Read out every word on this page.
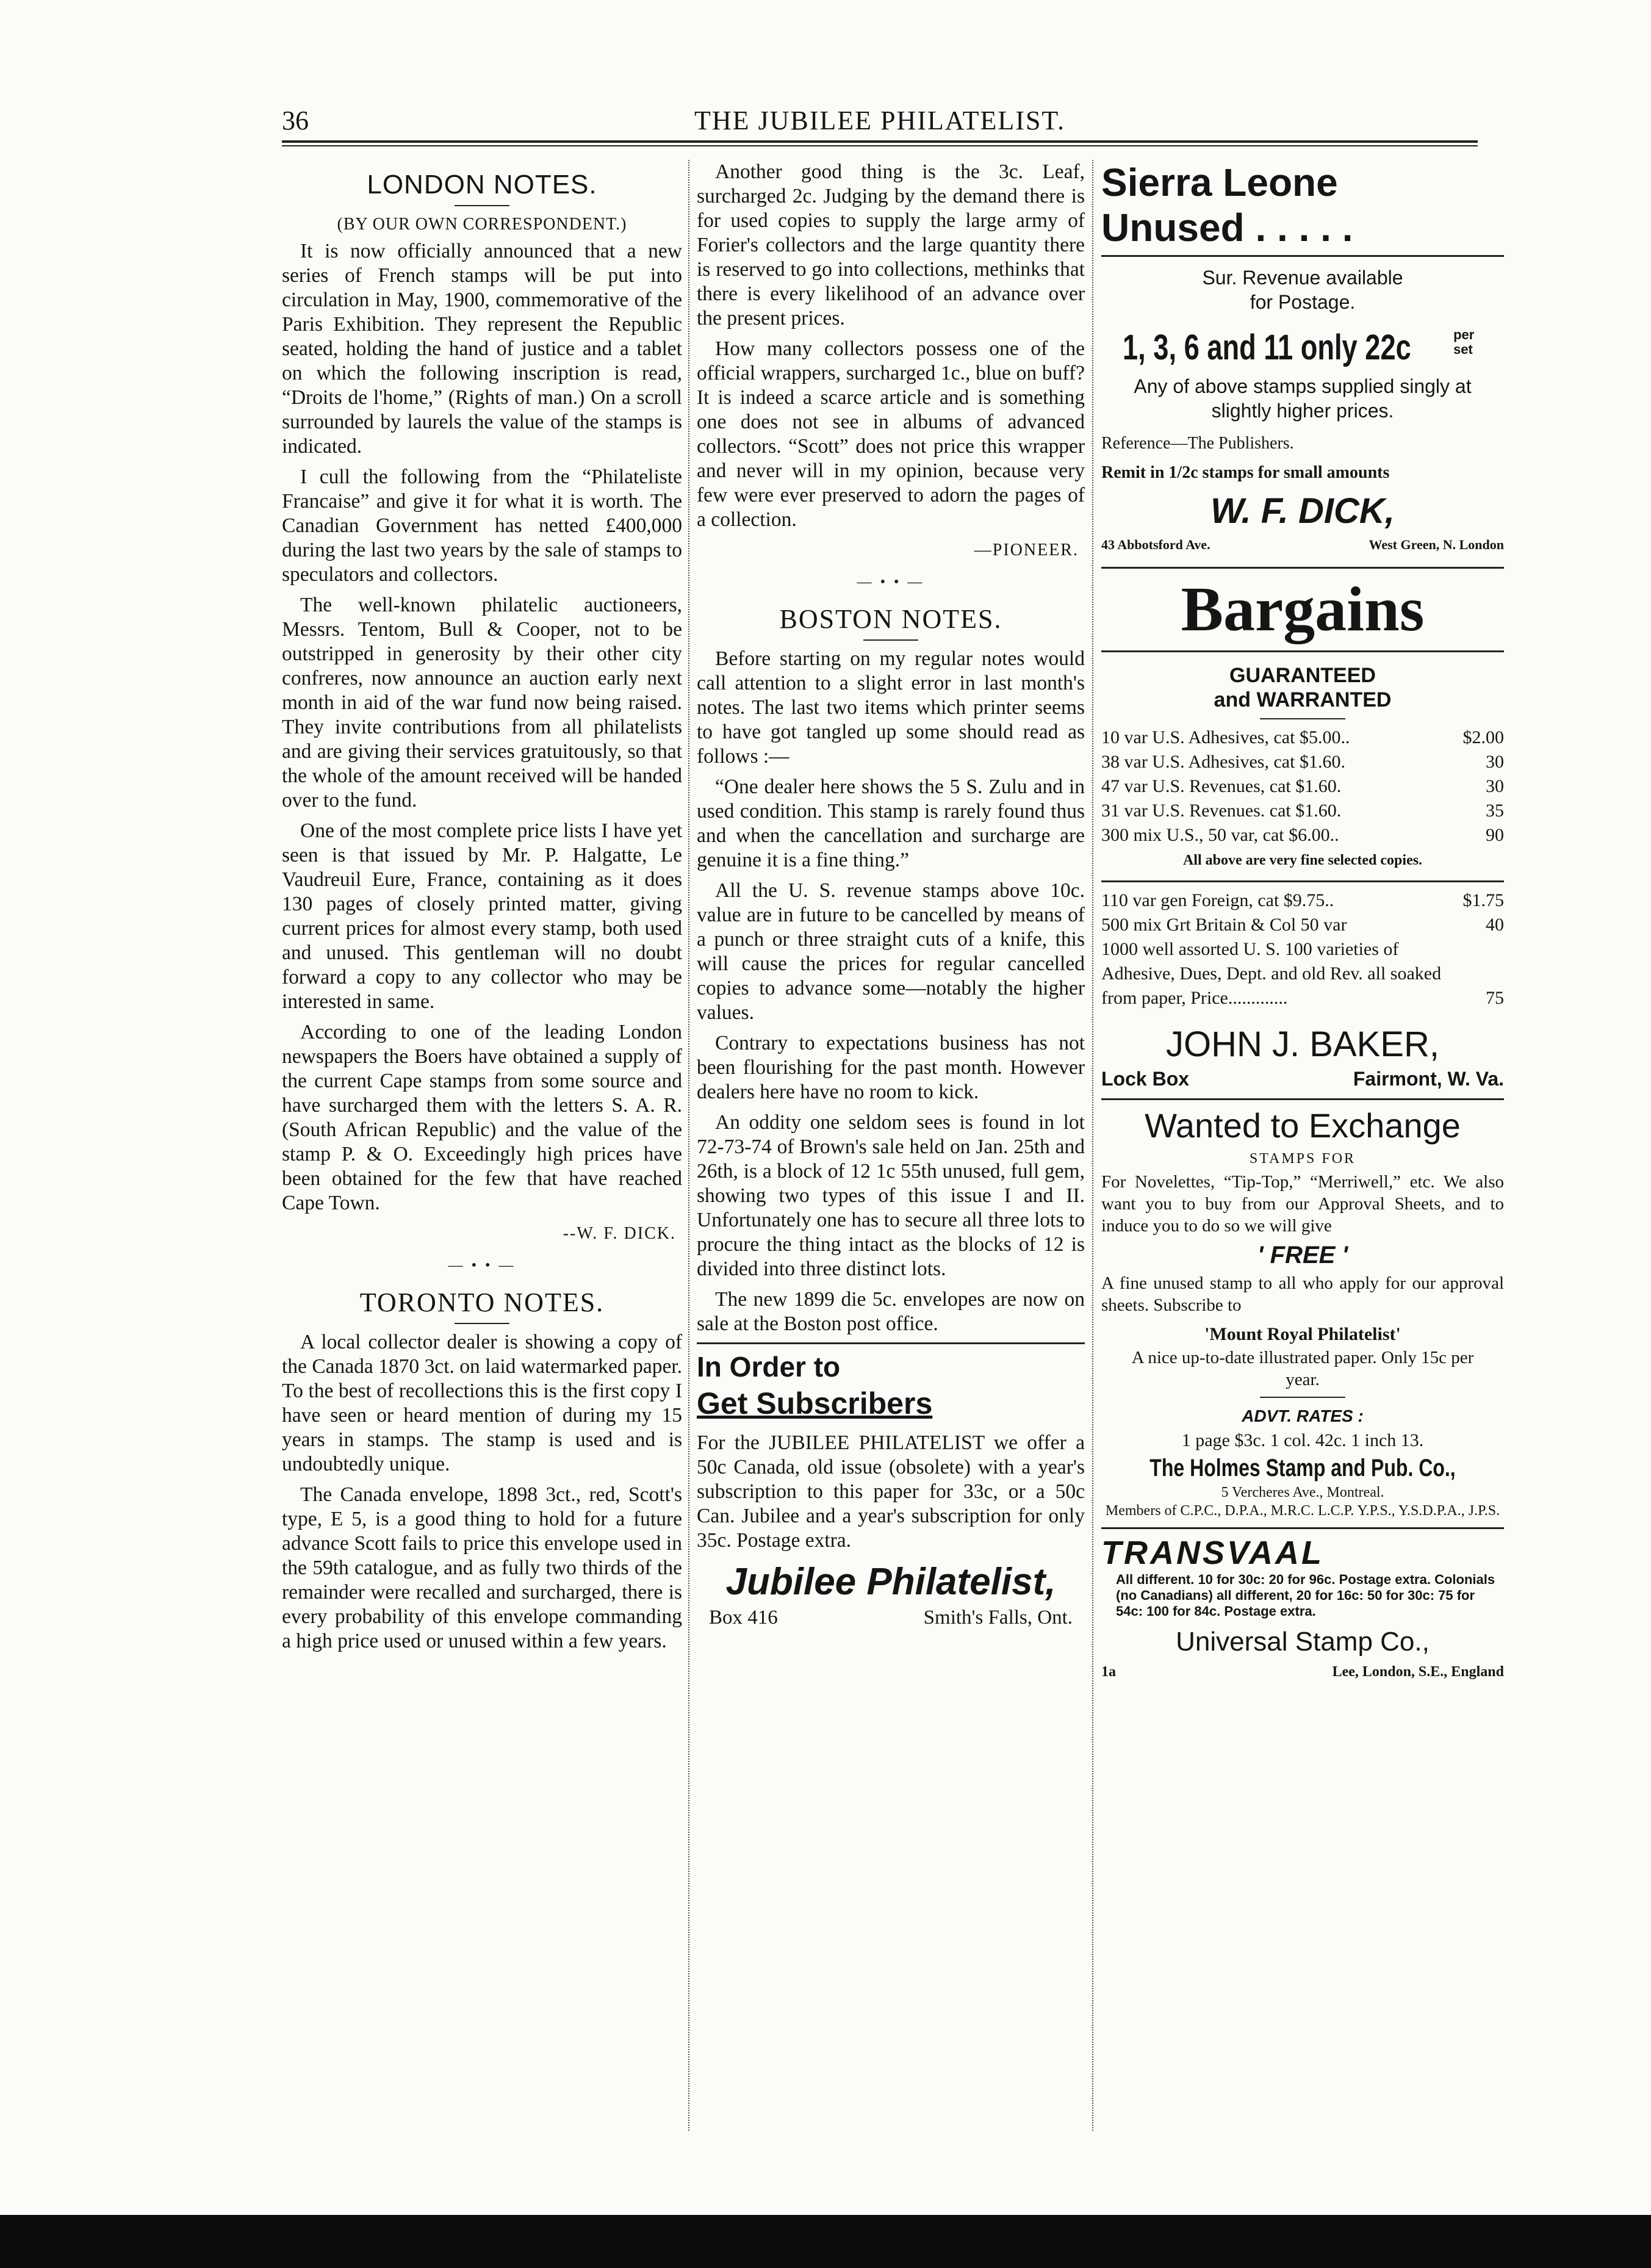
36	THE JUBILEE PHILATELIST.
LONDON NOTES.
(BY OUR OWN CORRESPONDENT.)

It is now officially announced that a new series of French stamps will be put into circulation in May, 1900, commemorative of the Paris Exhibition. They represent the Republic seated, holding the hand of justice and a tablet on which the following inscription is read, “Droits de l'home,” (Rights of man.) On a scroll surrounded by laurels the value of the stamps is indicated.

I cull the following from the “Philateliste Francaise” and give it for what it is worth. The Canadian Government has netted £400,000 during the last two years by the sale of stamps to speculators and collectors.

The well-known philatelic auctioneers, Messrs. Tentom, Bull & Cooper, not to be outstripped in generosity by their other city confreres, now announce an auction early next month in aid of the war fund now being raised. They invite contributions from all philatelists and are giving their services gratuitously, so that the whole of the amount received will be handed over to the fund.

One of the most complete price lists I have yet seen is that issued by Mr. P. Halgatte, Le Vaudreuil Eure, France, containing as it does 130 pages of closely printed matter, giving current prices for almost every stamp, both used and unused. This gentleman will no doubt forward a copy to any collector who may be interested in same.

According to one of the leading London newspapers the Boers have obtained a supply of the current Cape stamps from some source and have surcharged them with the letters S. A. R. (South African Republic) and the value of the stamp P. & O. Exceedingly high prices have been obtained for the few that have reached Cape Town.

--W. F. DICK.
— • • —
TORONTO NOTES.

A local collector dealer is showing a copy of the Canada 1870 3ct. on laid watermarked paper. To the best of recollections this is the first copy I have seen or heard mention of during my 15 years in stamps. The stamp is used and is undoubtedly unique.

The Canada envelope, 1898 3ct., red, Scott's type, E 5, is a good thing to hold for a future advance Scott fails to price this envelope used in the 59th catalogue, and as fully two thirds of the remainder were recalled and surcharged, there is every probability of this envelope commanding a high price used or unused within a few years.

Another good thing is the 3c. Leaf, surcharged 2c. Judging by the demand there is for used copies to supply the large army of Forier's collectors and the large quantity there is reserved to go into collections, methinks that there is every likelihood of an advance over the present prices.

How many collectors possess one of the official wrappers, surcharged 1c., blue on buff? It is indeed a scarce article and is something one does not see in albums of advanced collectors. “Scott” does not price this wrapper and never will in my opinion, because very few were ever preserved to adorn the pages of a collection.

—PIONEER.
— • • —
BOSTON NOTES.

Before starting on my regular notes would call attention to a slight error in last month's notes. The last two items which printer seems to have got tangled up some should read as follows :—

“One dealer here shows the 5 S. Zulu and in used condition. This stamp is rarely found thus and when the cancellation and surcharge are genuine it is a fine thing.”

All the U. S. revenue stamps above 10c. value are in future to be cancelled by means of a punch or three straight cuts of a knife, this will cause the prices for regular cancelled copies to advance some—notably the higher values.

Contrary to expectations business has not been flourishing for the past month. However dealers here have no room to kick.

An oddity one seldom sees is found in lot 72-73-74 of Brown's sale held on Jan. 25th and 26th, is a block of 12 1c 55th unused, full gem, showing two types of this issue I and II. Unfortunately one has to secure all three lots to procure the thing intact as the blocks of 12 is divided into three distinct lots.

The new 1899 die 5c. envelopes are now on sale at the Boston post office.

In Order to
Get Subscribers

For the JUBILEE PHILATELIST we offer a 50c Canada, old issue (obsolete) with a year's subscription to this paper for 33c, or a 50c Can. Jubilee and a year's subscription for only 35c. Postage extra.

Jubilee Philatelist,
Box 416	Smith's Falls, Ont.
Sierra Leone
Unused . . . . .
Sur. Revenue available
for Postage.
1, 3, 6 and 11 only 22c	per set
Any of above stamps supplied singly at slightly higher prices.
Reference—The Publishers.
Remit in 1/2c stamps for small amounts
W. F. DICK,
43 Abbotsford Ave.	West Green, N. London
Bargains
GUARANTEED
and WARRANTED
10 var U.S. Adhesives, cat $5.00..	$2.00
38 var U.S. Adhesives, cat $1.60.	30
47 var U.S. Revenues, cat $1.60.	30
31 var U.S. Revenues. cat $1.60.	35
300 mix U.S., 50 var, cat $6.00..	90
All above are very fine selected copies.
110 var gen Foreign, cat $9.75..	$1.75
500 mix Grt Britain & Col 50 var	40
1000 well assorted U. S. 100 varieties of Adhesive, Dues, Dept. and old Rev. all soaked from paper, Price.............	75
JOHN J. BAKER,
Lock Box	Fairmont, W. Va.
Wanted to Exchange
STAMPS FOR

For Novelettes, “Tip-Top,” “Merriwell,” etc. We also want you to buy from our Approval Sheets, and to induce you to do so we will give

' FREE '

A fine unused stamp to all who apply for our approval sheets. Subscribe to

'Mount Royal Philatelist'
A nice up-to-date illustrated paper. Only 15c per year.
ADVT. RATES :
1 page $3c. 1 col. 42c. 1 inch 13.
The Holmes Stamp and Pub. Co.,
5 Vercheres Ave., Montreal.
Members of C.P.C., D.P.A., M.R.C. L.C.P. Y.P.S., Y.S.D.P.A., J.P.S.
TRANSVAAL
All different. 10 for 30c: 20 for 96c. Postage extra. Colonials (no Canadians) all different, 20 for 16c: 50 for 30c: 75 for 54c: 100 for 84c. Postage extra.
Universal Stamp Co.,
1a	Lee, London, S.E., England
